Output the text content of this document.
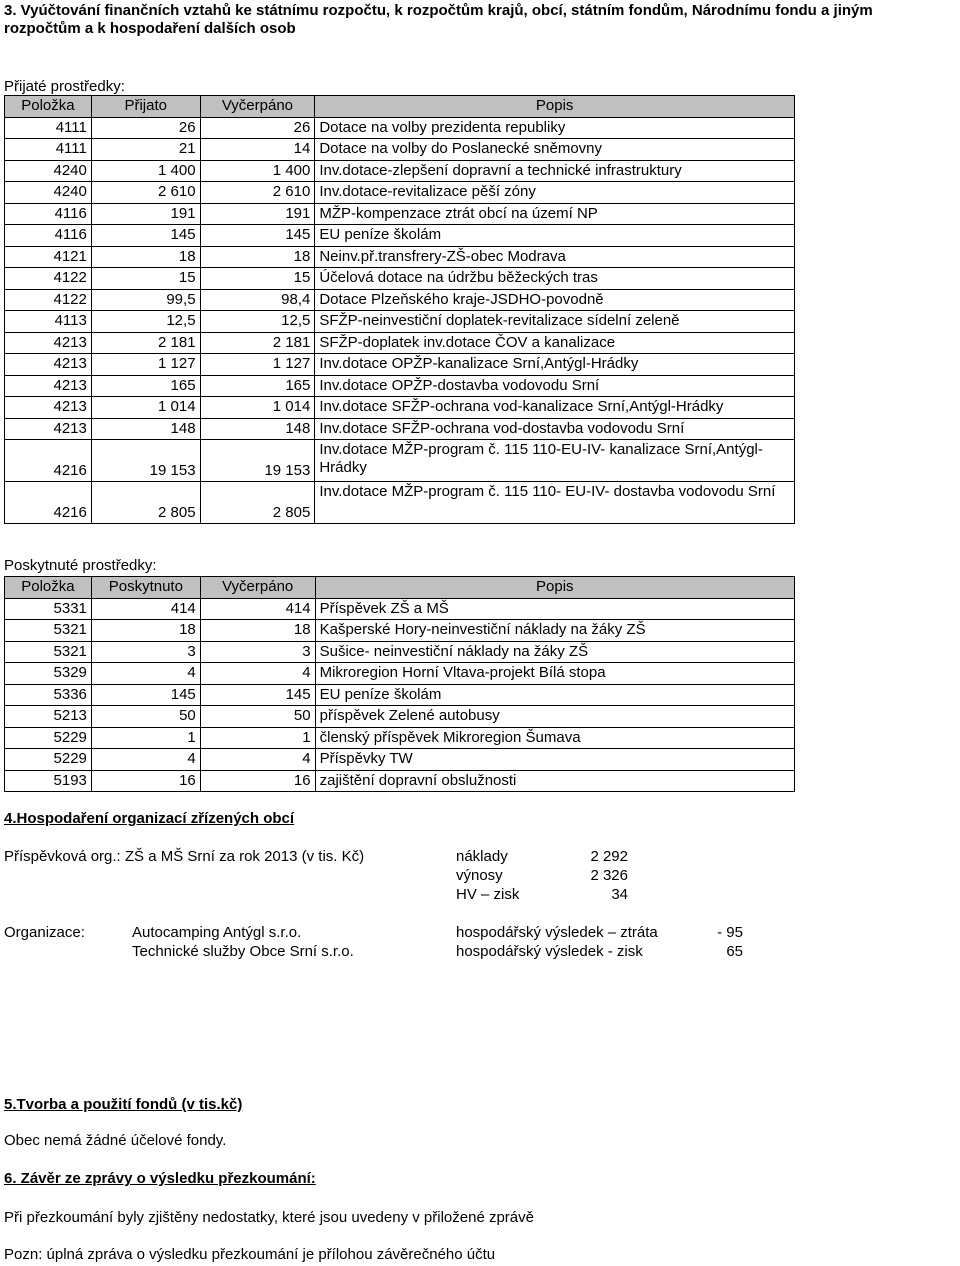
3. Vyúčtování finančních vztahů ke státnímu rozpočtu, k rozpočtům krajů, obcí, státním fondům, Národnímu fondu a jiným
rozpočtům a k hospodaření dalších osob
Přijaté prostředky:
Položka	Přijato	Vyčerpáno	Popis
4111	26	26	Dotace na volby prezidenta republiky
4111	21	14	Dotace na volby do Poslanecké sněmovny
4240	1 400	1 400	Inv.dotace-zlepšení dopravní a technické infrastruktury
4240	2 610	2 610	Inv.dotace-revitalizace pěší zóny
4116	191	191	MŽP-kompenzace ztrát obcí na území NP
4116	145	145	EU peníze školám
4121	18	18	Neinv.př.transfrery-ZŠ-obec Modrava
4122	15	15	Účelová dotace na údržbu běžeckých tras
4122	99,5	98,4	Dotace Plzeňského kraje-JSDHO-povodně
4113	12,5	12,5	SFŽP-neinvestiční doplatek-revitalizace sídelní zeleně
4213	2 181	2 181	SFŽP-doplatek inv.dotace ČOV a kanalizace
4213	1 127	1 127	Inv.dotace OPŽP-kanalizace Srní,Antýgl-Hrádky
4213	165	165	Inv.dotace OPŽP-dostavba vodovodu Srní
4213	1 014	1 014	Inv.dotace SFŽP-ochrana vod-kanalizace Srní,Antýgl-Hrádky
4213	148	148	Inv.dotace SFŽP-ochrana vod-dostavba vodovodu Srní
4216	19 153	19 153	Inv.dotace MŽP-program č. 115 110-EU-IV- kanalizace Srní,Antýgl-Hrádky
4216	2 805	2 805	Inv.dotace MŽP-program č. 115 110- EU-IV- dostavba vodovodu Srní
Poskytnuté prostředky:
Položka	Poskytnuto	Vyčerpáno	Popis
5331	414	414	Příspěvek ZŠ a MŠ
5321	18	18	Kašperské Hory-neinvestiční náklady na žáky ZŠ
5321	3	3	Sušice- neinvestiční náklady na žáky ZŠ
5329	4	4	Mikroregion Horní Vltava-projekt Bílá stopa
5336	145	145	EU peníze školám
5213	50	50	příspěvek Zelené autobusy
5229	1	1	členský příspěvek Mikroregion Šumava
5229	4	4	Příspěvky TW
5193	16	16	zajištění dopravní obslužnosti
4.Hospodaření organizací zřízených obcí
Příspěvková org.: ZŠ a MŠ Srní za rok 2013 (v tis. Kč)	náklady	2 292
výnosy	2 326
HV – zisk	34
Organizace:	Autocamping Antýgl s.r.o.	hospodářský výsledek – ztráta	- 95
Technické služby Obce Srní s.r.o.	hospodářský výsledek - zisk	65
5.Tvorba a použití fondů (v tis.kč)
Obec nemá žádné účelové fondy.
6. Závěr ze zprávy o výsledku přezkoumání:
Při přezkoumání byly zjištěny nedostatky, které jsou uvedeny v přiložené zprávě
Pozn: úplná zpráva o výsledku přezkoumání je přílohou závěrečného účtu
